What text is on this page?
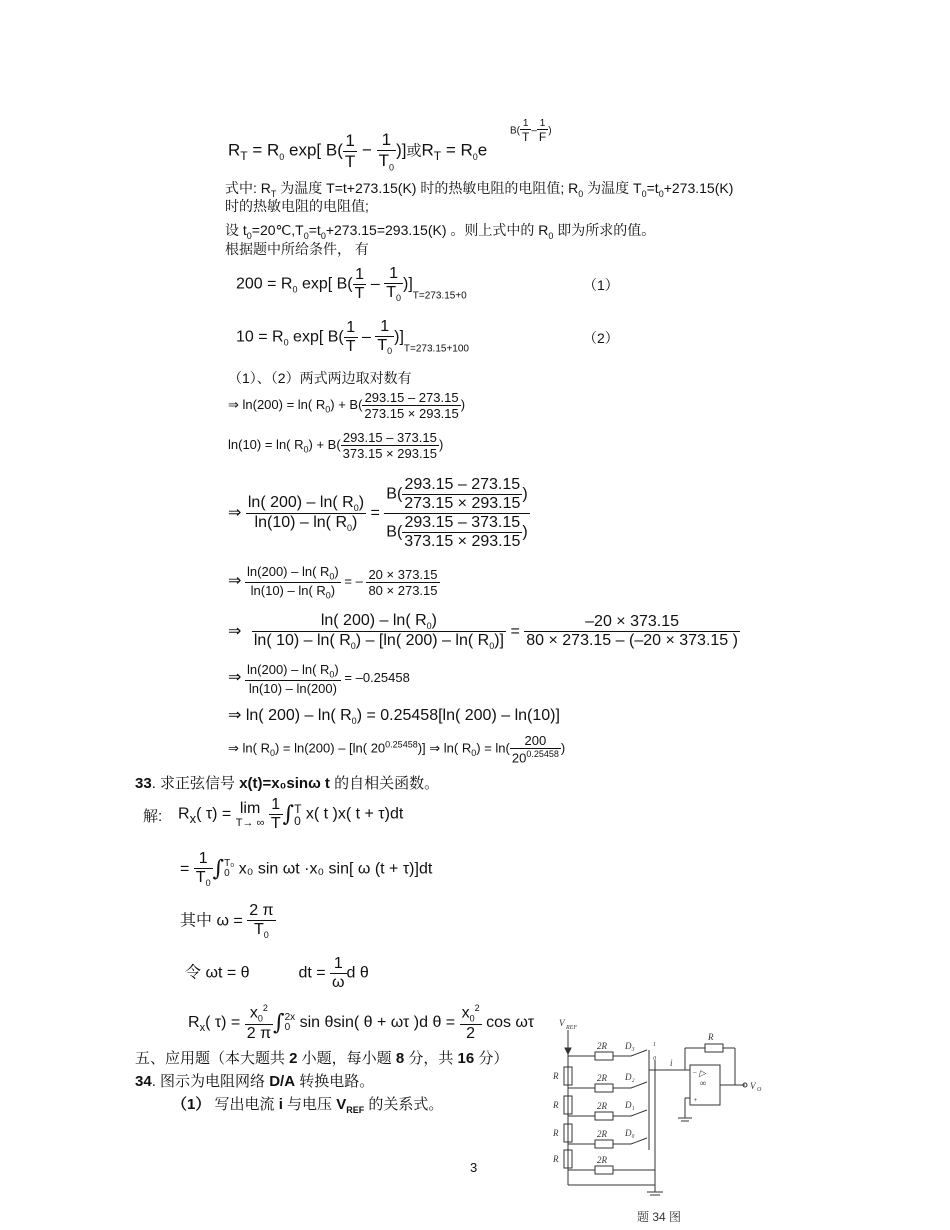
$R_T = R_0$ exp[ $B( \frac{1}{T} - \frac{1}{T_0}$ )]或$R_T = R_0e$
$B( \frac{1}{T} - \frac{1}{F}$ )
式中: $R_T$ 为温度 T=t+273.15(K) 时的热敏电阻的电阻值; $R_0$ 为温度 $T_0=t_0+273.15(K)$
时的热敏电阻的电阻值;
设 $t_0=20℃,T_0=t_0+273.15=293.15(K)$ 。则上式中的 $R_0$ 即为所求的值。
根据题中所给条件， 有
$200 = R_0$ exp[ $B( \frac{1}{T} - \frac{1}{T_0} )]_{T=273.15+0}$
（1）
$10 = R_0$ exp[ $B( \frac{1}{T} - \frac{1}{T_0} )]_{T=273.15+100}$
（2）
（1）、（2）两式两边取对数有
⇒ ln(200) = ln( $R_0) + B( \frac{293.15 - 273.15}{273.15 \times 293.15}$ )
ln(10) = ln( $R_0) + B( \frac{293.15 - 373.15}{373.15 \times 293.15}$ )
⇒ $\frac{\ln( 200) - \ln( R_0)}{\ln(10) - \ln( R_0)} = \frac{B( \frac{293.15 - 273.15}{273.15 \times 293.15} )}{B( \frac{293.15 - 373.15}{373.15 \times 293.15} )}$
⇒ $\frac{\ln(200) - \ln( R_0)}{\ln(10) - \ln( R_0)}$ = – $\frac{20 \times 373.15}{80 \times 273.15}$
⇒ $\frac{\ln( 200) - \ln( R_0)}{\ln( 10) - \ln( R_0) - [\ln( 200) - \ln( R_0)]} = \frac{-20 \times 373.15}{80 \times 273.15 - (-20 \times 373.15 )}$
⇒ $\frac{\ln(200) - \ln( R_0)}{\ln(10) - \ln(200)} = -0.25458$
⇒ ln( 200) – ln( $R_0) = 0.25458[\ln$( 200) – ln(10)]
⇒ ln( $R_0) = \ln(200) - [\ln$( $20^{0.25458}$)] ⇒ ln( $R_0) = \ln( \frac{200}{20^{0.25458}}$ )
33. 求正弦信号 x(t)=x₀sinω t 的自相关函数。
解: $R_x$( τ) = lim
T→ ∞
$\frac{1}{T}$ ∫ T
0 x( t )x( t + τ)dt
= $\frac{1}{T_0}$ ∫ T₀
0 x₀ sin ωt ·x₀ sin[ ω (t + τ)]dt
其中 $\omega = \frac{2 \pi}{T_0}$
令 ωt = θ	dt = $\frac{1}{\omega}$ d θ
$R_x$( $\tau) = \frac{x_0^2}{2 \pi}$ ∫ 2x
0 sin θsin( θ + ωτ )d $\theta = \frac{x_0^2}{2}$ cos ωτ
五、应用题（本大题共 2 小题，每小题 8 分，共 16 分）
34. 图示为电阻网络 D/A 转换电路。
（1） 写出电流 i 与电压 $V_{REF}$ 的关系式。
V REF
R
R
R
R
2R
2R
2R
2R
2R
D₃
D₂
D₁
D₀
1
0 i
R
V O
▷
∞
–
+
题 34 图
3
